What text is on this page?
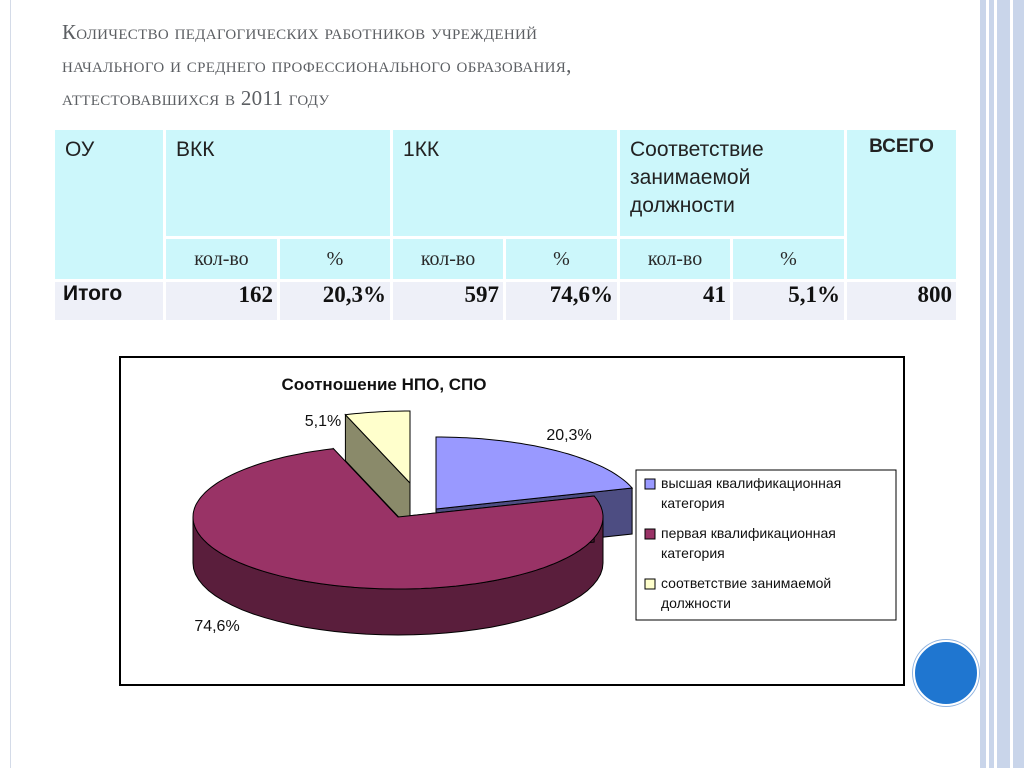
Количество педагогических работников учреждений
начального и среднего профессионального образования,
аттестовавшихся в 2011 году
ОУ	ВКК		1КК		Соответствие занимаемой должности		ВСЕГО
	кол-во	%	кол-во	%	кол-во	%	
Итого	162	20,3%	597	74,6%	41	5,1%	800
Соотношение НПО, СПО
20,3%
74,6%
5,1%
высшая квалификационная
категория
первая квалификационная
категория
соответствие занимаемой
должности
